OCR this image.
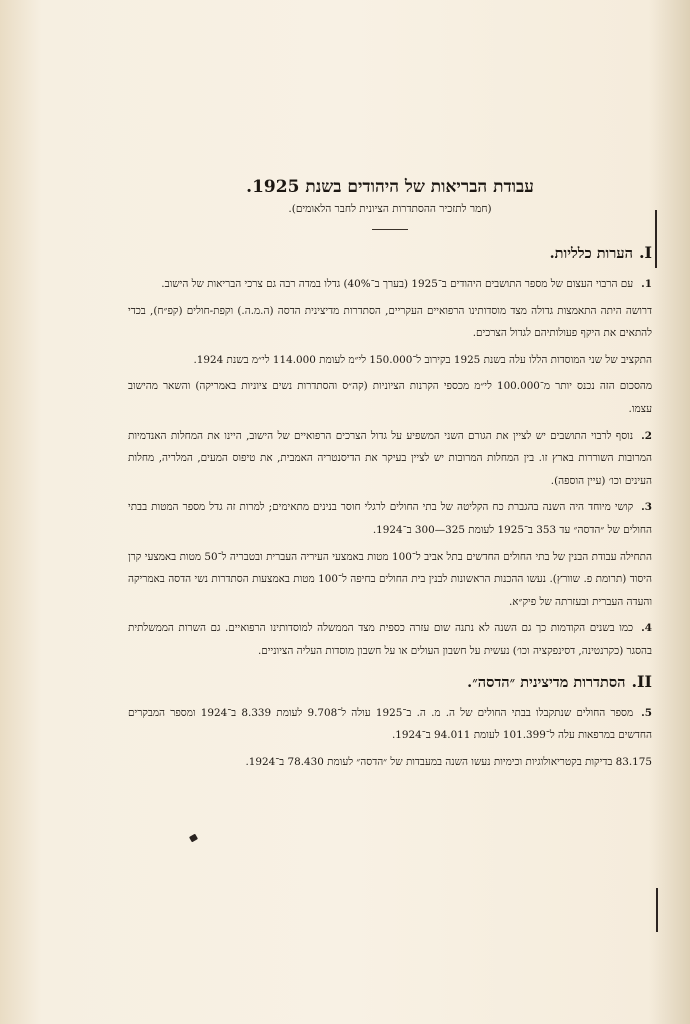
עבודת הבריאות של היהודים בשנת 1925.

(חמר לתזכיר ההסתדרות הציונית לחבר הלאומים).

I.הערות כלליות.

1.עם הרבוי העצום של מספר התושבים היהודים ב־1925 (בערך ב־40%) גדלו במדה רבה גם צרכי הבריאות של הישוב.

דרושה היתה התאמצות גדולה מצד מוסדותינו הרפואיים העקריים, הסתדרות מדיצינית הדסה (ה.מ.ה.) וקפת-חולים (קפ״ח), בכדי להתאים את היקף פעולותיהם לגדול הצרכים.

התקציב של שני המוסדות הללו עלה בשנת 1925 בקירוב ל־150.000 לי״מ לעומת 114.000 לי״מ בשנת 1924.

מהסכום הזה נכנס יותר מ־100.000 לי״מ מכספי הקרנות הציוניות (קה״ס והסתדרות נשים ציוניות באמריקה) והשאר מהישוב עצמו.

2.נוסף לרבוי התושבים יש לציין את הגורם השני המשפיע על גדול הצרכים הרפואיים של הישוב, היינו את המחלות האנדמיות המרובות השוררות בארץ זו. בין המחלות המרובות יש לציין בעיקר את הדיסנטריה האמבית, את טיפוס המעים, המלריה, מחלות העינים וכו׳ (עיין הוספה).

3.קושי מיוחד היה השנה בהגברת כח הקליטה של בתי החולים לרגלי חוסר בנינים מתאימים; למרות זה גדל מספר המטות בבתי החולים של ״הדסה״ עד 353 ב־1925 לעומת 325—300 ב־1924.

התחילה עבודת הבנין של בתי החולים החדשים בתל אביב ל־100 מטות באמצעי העיריה העברית ובטבריה ל־50 מטות באמצעי קרן היסוד (תרומת פ. שוורץ). נעשו ההכנות הראשונות לבנין בית החולים בחיפה ל־100 מטות באמצעות הסתדרות נשי הדסה באמריקה והעדה העברית ובעזרתה של פיק״א.

4.כמו בשנים הקודמות כך גם השנה לא נתנה שום עזרה כספית מצד הממשלה למוסדותינו הרפואיים. גם השרות הממשלתית בהסגר (כקרנטינה, דסינפקציה וכו׳) נעשית על חשבון העולים או על חשבון מוסדות העליה הציוניים.

II.הסתדרות מדיצינית ״הדסה״.

5.מספר החולים שנתקבלו בבתי החולים של ה. מ. ה. ב־1925 עולה ל־9.708 לעומת 8.339 ב־1924 ומספר המבקרים החדשים במרפאות עלה ל־101.399 לעומת 94.011 ב־1924.

83.175 בדיקות בקטריאולוגיות וכימיות נעשו השנה במעבדות של ״הדסה״ לעומת 78.430 ב־1924.
